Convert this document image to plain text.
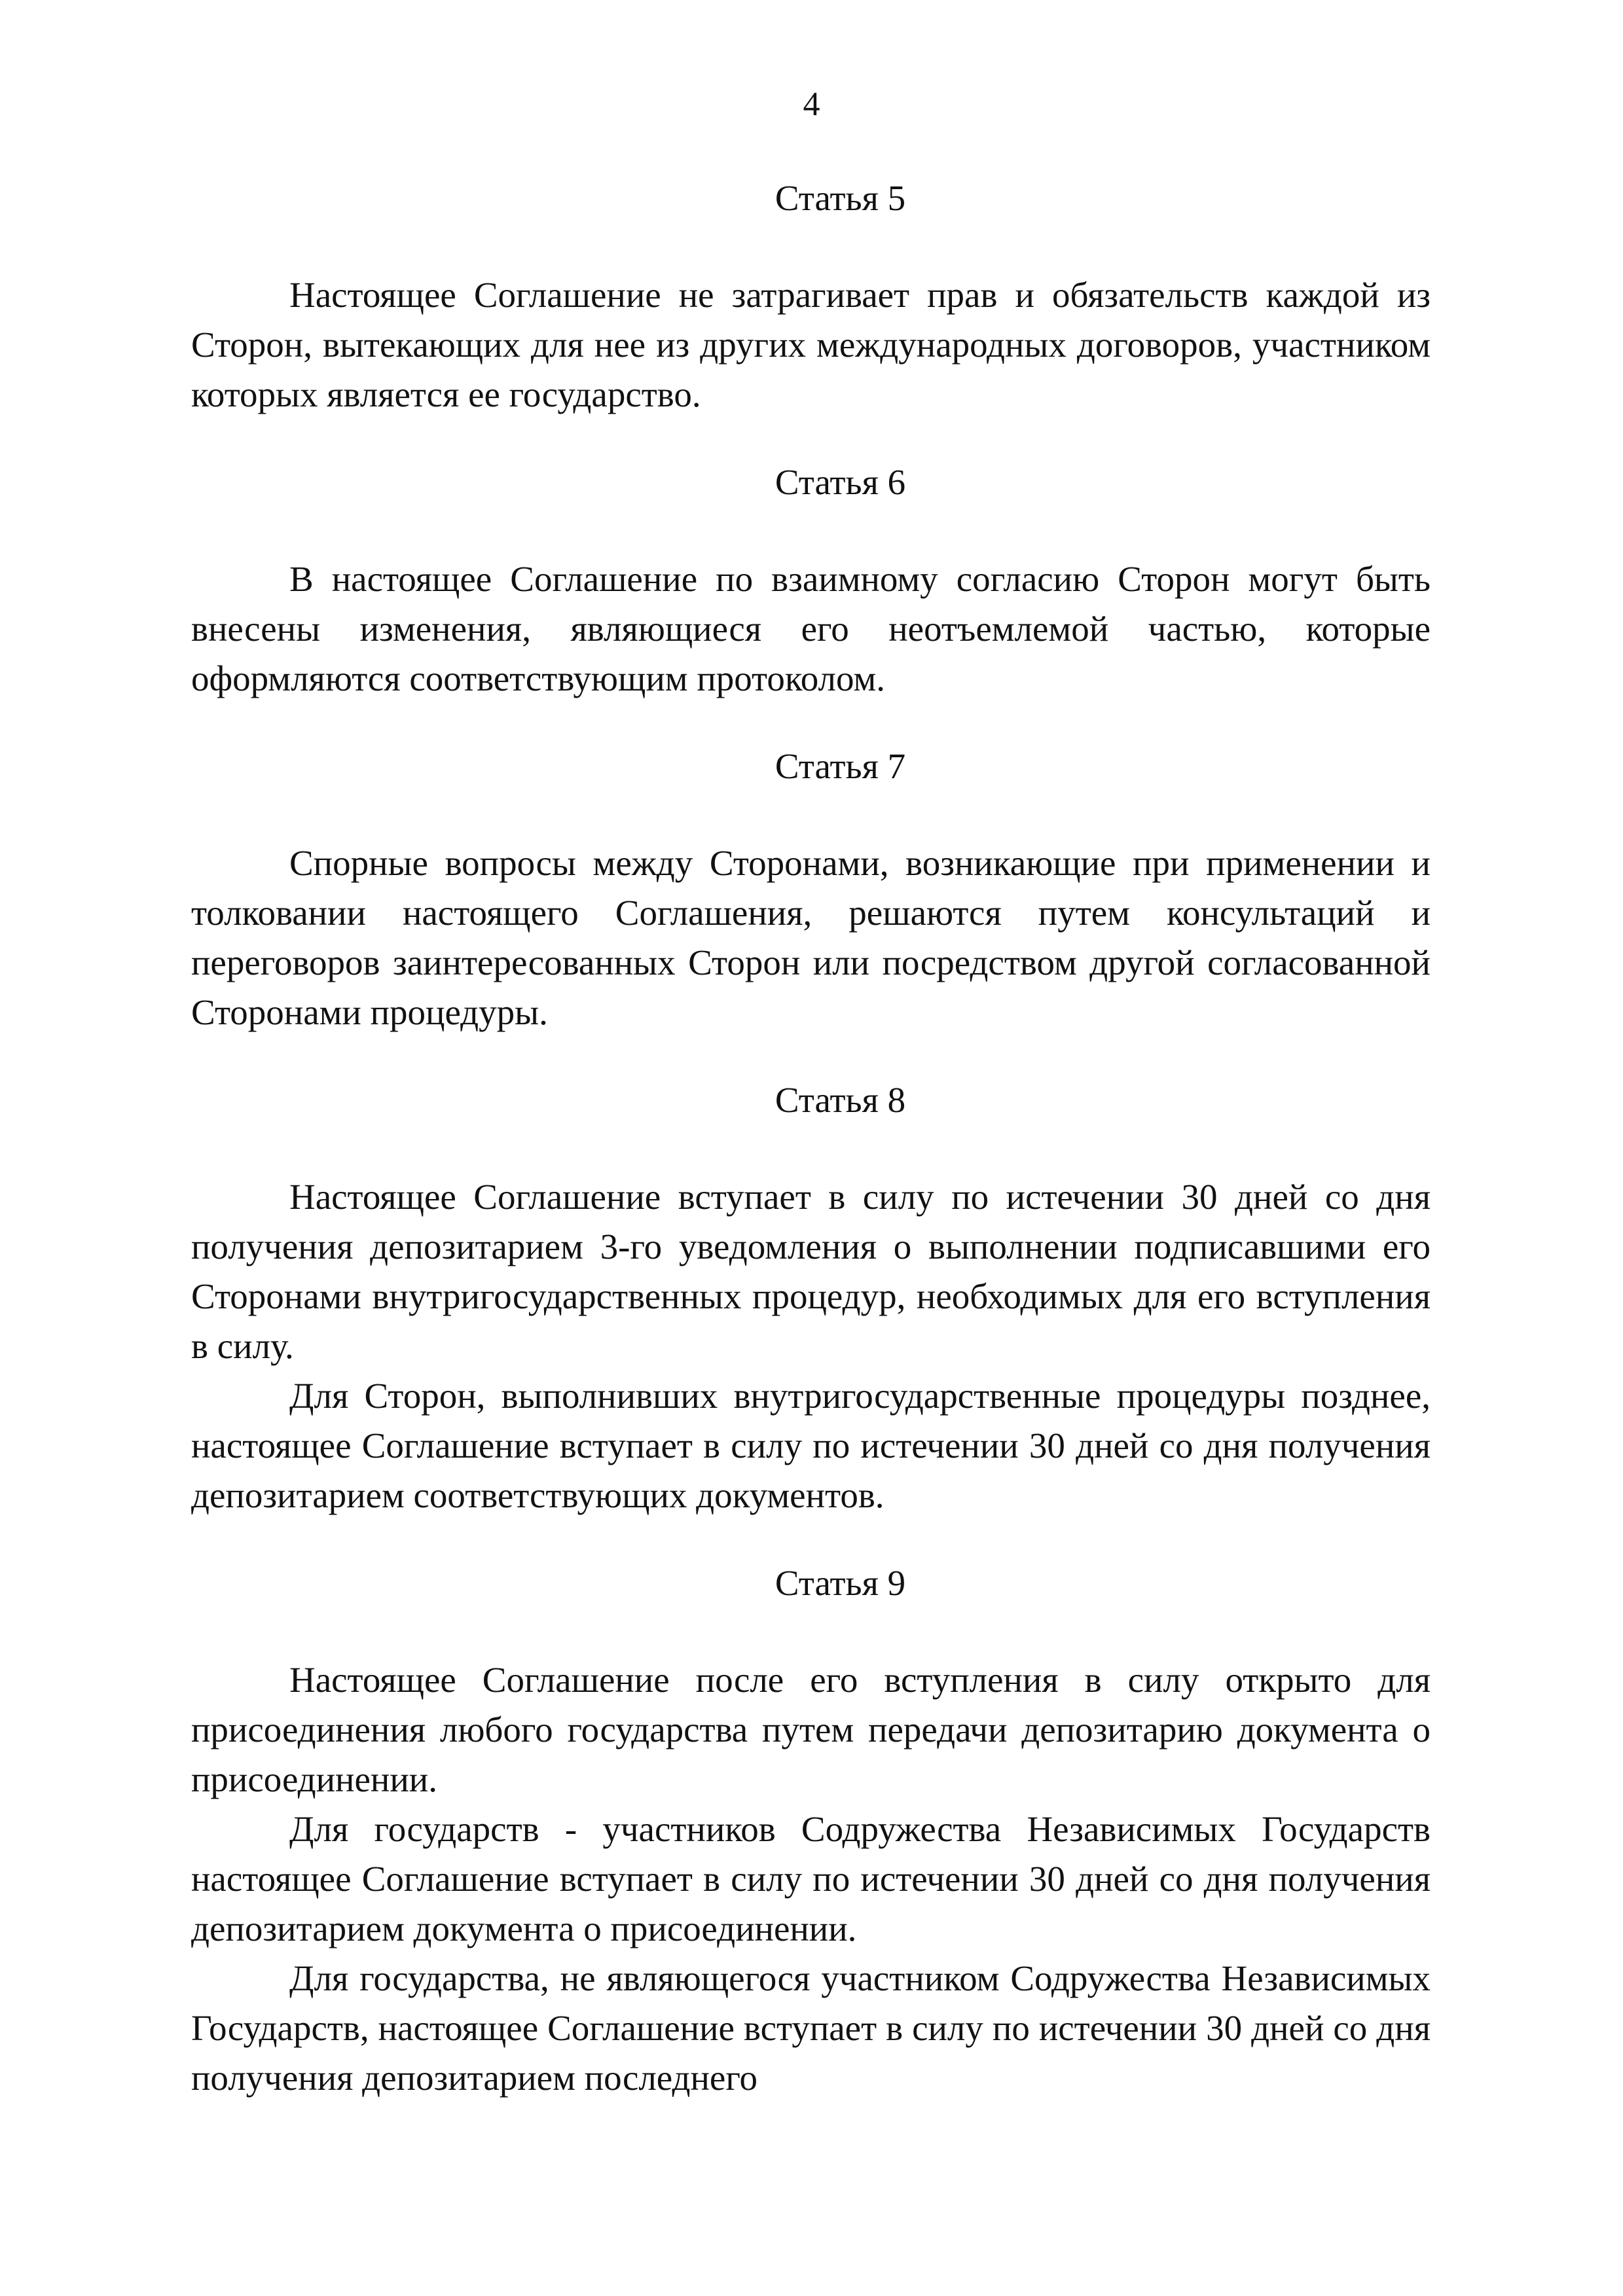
4

Статья 5

Настоящее Соглашение не затрагивает прав и обязательств каждой из Сторон, вытекающих для нее из других международных договоров, участником которых является ее государство.

Статья 6

В настоящее Соглашение по взаимному согласию Сторон могут быть внесены изменения, являющиеся его неотъемлемой частью, которые оформляются соответствующим протоколом.

Статья 7

Спорные вопросы между Сторонами, возникающие при применении и толковании настоящего Соглашения, решаются путем консультаций и переговоров заинтересованных Сторон или посредством другой согласованной Сторонами процедуры.

Статья 8

Настоящее Соглашение вступает в силу по истечении 30 дней со дня получения депозитарием 3-го уведомления о выполнении подписавшими его Сторонами внутригосударственных процедур, необходимых для его вступления в силу.

Для Сторон, выполнивших внутригосударственные процедуры позднее, настоящее Соглашение вступает в силу по истечении 30 дней со дня получения депозитарием соответствующих документов.

Статья 9

Настоящее Соглашение после его вступления в силу открыто для присоединения любого государства путем передачи депозитарию документа о присоединении.

Для государств - участников Содружества Независимых Государств настоящее Соглашение вступает в силу по истечении 30 дней со дня получения депозитарием документа о присоединении.

Для государства, не являющегося участником Содружества Независимых Государств, настоящее Соглашение вступает в силу по истечении 30 дней со дня получения депозитарием последнего
